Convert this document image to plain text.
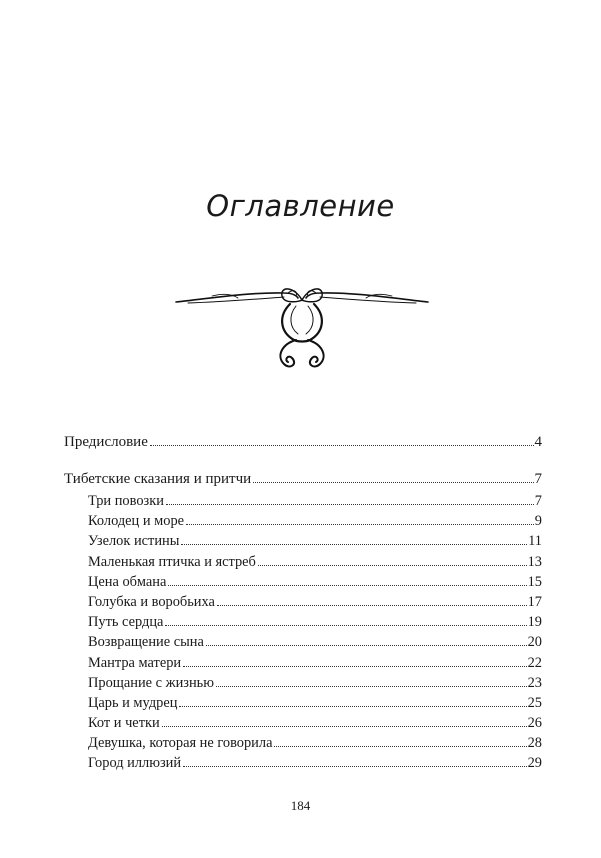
Оглавление
Предисловие	4
Тибетские сказания и притчи	7
Три повозки	7
Колодец и море	9
Узелок истины	11
Маленькая птичка и ястреб	13
Цена обмана	15
Голубка и воробьиха	17
Путь сердца	19
Возвращение сына	20
Мантра матери	22
Прощание с жизнью	23
Царь и мудрец	25
Кот и четки	26
Девушка, которая не говорила	28
Город иллюзий	29
184
